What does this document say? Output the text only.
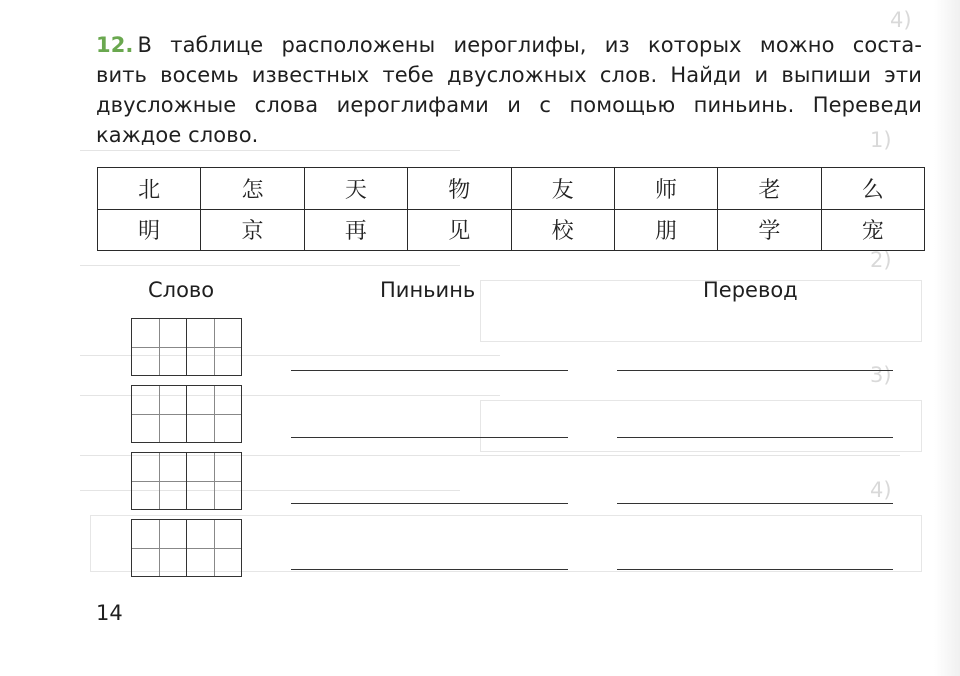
4)
1)
2)
3)
4)
12. В таблице расположены иероглифы, из которых можно соста-
вить восемь известных тебе двусложных слов. Найди и выпиши эти
двусложные слова иероглифами и с помощью пиньинь. Переведи
каждое слово.
北	怎	天	物	友	师	老	么
明	京	再	见	校	朋	学	宠
Слово	Пиньинь	Перевод
14
